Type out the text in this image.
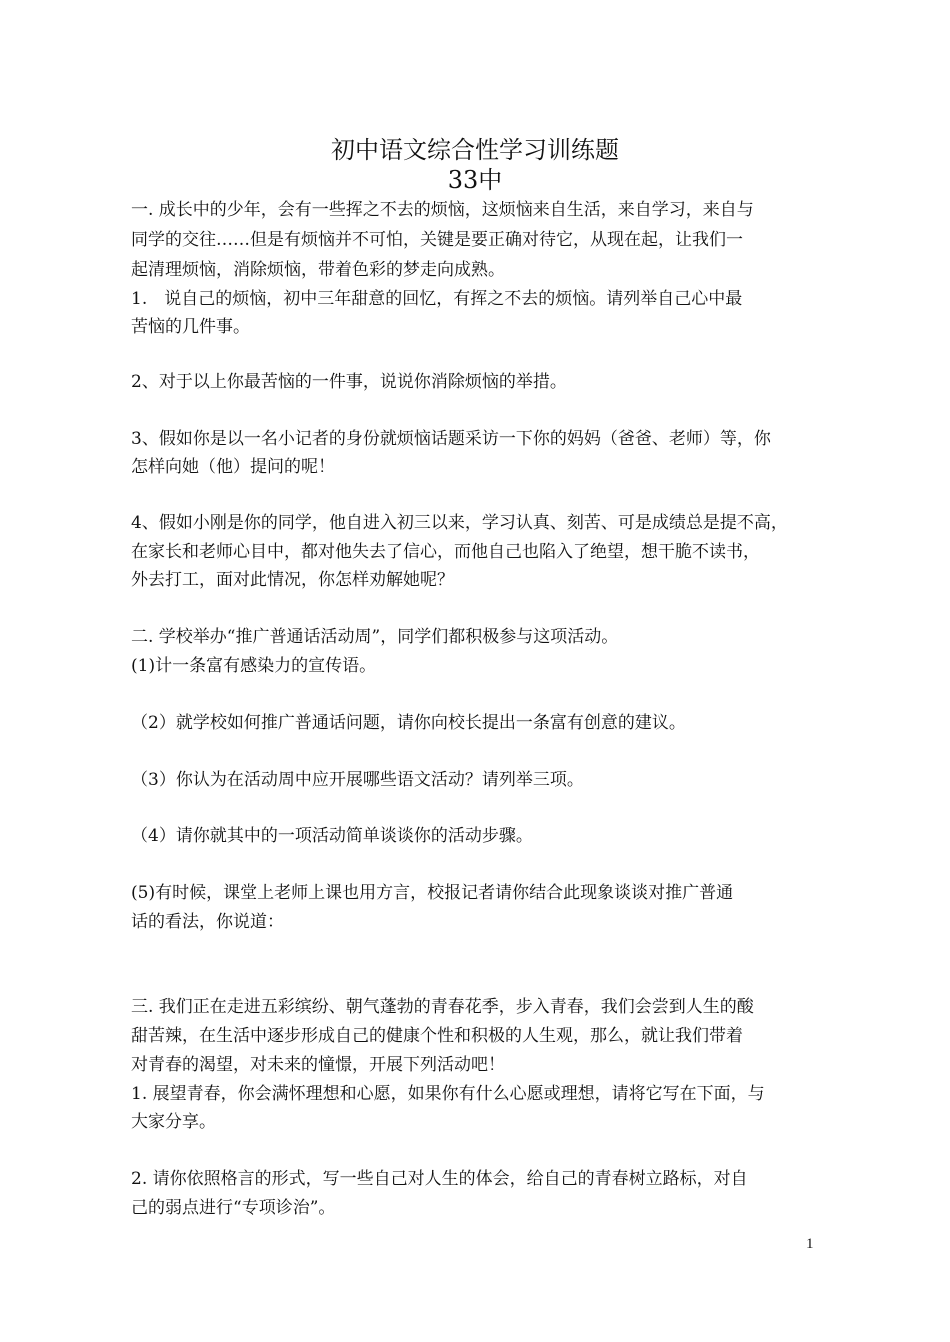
初中语文综合性学习训练题
33中
一. 成长中的少年，会有一些挥之不去的烦恼，这烦恼来自生活，来自学习，来自与
同学的交往……但是有烦恼并不可怕，关键是要正确对待它，从现在起，让我们一
起清理烦恼，消除烦恼，带着色彩的梦走向成熟。
1.　说自己的烦恼，初中三年甜意的回忆，有挥之不去的烦恼。请列举自己心中最
苦恼的几件事。
2、对于以上你最苦恼的一件事，说说你消除烦恼的举措。
3、假如你是以一名小记者的身份就烦恼话题采访一下你的妈妈（爸爸、老师）等，你
怎样向她（他）提问的呢！
4、假如小刚是你的同学，他自进入初三以来，学习认真、刻苦、可是成绩总是提不高，
在家长和老师心目中，都对他失去了信心，而他自己也陷入了绝望，想干脆不读书，
外去打工，面对此情况，你怎样劝解她呢？
二. 学校举办“推广普通话活动周”，同学们都积极参与这项活动。
(1)计一条富有感染力的宣传语。
（2）就学校如何推广普通话问题，请你向校长提出一条富有创意的建议。
（3）你认为在活动周中应开展哪些语文活动？请列举三项。
（4）请你就其中的一项活动简单谈谈你的活动步骤。
(5)有时候，课堂上老师上课也用方言，校报记者请你结合此现象谈谈对推广普通
话的看法，你说道：
三. 我们正在走进五彩缤纷、朝气蓬勃的青春花季，步入青春，我们会尝到人生的酸
甜苦辣，在生活中逐步形成自己的健康个性和积极的人生观，那么，就让我们带着
对青春的渴望，对未来的憧憬，开展下列活动吧！
1. 展望青春，你会满怀理想和心愿，如果你有什么心愿或理想，请将它写在下面，与
大家分享。
2. 请你依照格言的形式，写一些自己对人生的体会，给自己的青春树立路标，对自
己的弱点进行“专项诊治”。
1
